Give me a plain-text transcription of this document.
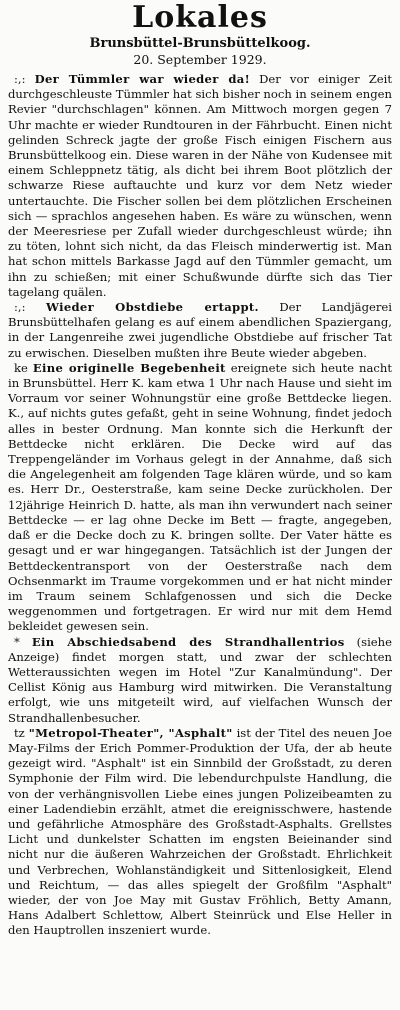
Lokales
Brunsbüttel-Brunsbüttelkoog.
20. September 1929.

:,: Der Tümmler war wieder da! Der vor einiger Zeit durchgeschleuste Tümmler hat sich bisher noch in seinem engen Revier "durchschlagen" können. Am Mittwoch morgen gegen 7 Uhr machte er wieder Rundtouren in der Fährbucht. Einen nicht gelinden Schreck jagte der große Fisch einigen Fischern aus Brunsbüttelkoog ein. Diese waren in der Nähe von Kudensee mit einem Schleppnetz tätig, als dicht bei ihrem Boot plötzlich der schwarze Riese auftauchte und kurz vor dem Netz wieder untertauchte. Die Fischer sollen bei dem plötzlichen Erscheinen sich — sprachlos angesehen haben. Es wäre zu wünschen, wenn der Meeresriese per Zufall wieder durchgeschleust würde; ihn zu töten, lohnt sich nicht, da das Fleisch minderwertig ist. Man hat schon mittels Barkasse Jagd auf den Tümmler gemacht, um ihn zu schießen; mit einer Schußwunde dürfte sich das Tier tagelang quälen.

:,: Wieder Obstdiebe ertappt. Der Landjägerei Brunsbüttelhafen gelang es auf einem abendlichen Spaziergang, in der Langenreihe zwei jugendliche Obstdiebe auf frischer Tat zu erwischen. Dieselben mußten ihre Beute wieder abgeben.

ke Eine originelle Begebenheit ereignete sich heute nacht in Brunsbüttel. Herr K. kam etwa 1 Uhr nach Hause und sieht im Vorraum vor seiner Wohnungstür eine große Bettdecke liegen. K., auf nichts gutes gefaßt, geht in seine Wohnung, findet jedoch alles in bester Ordnung. Man konnte sich die Herkunft der Bettdecke nicht erklären. Die Decke wird auf das Treppengeländer im Vorhaus gelegt in der Annahme, daß sich die Angelegenheit am folgenden Tage klären würde, und so kam es. Herr Dr., Oesterstraße, kam seine Decke zurückholen. Der 12jährige Heinrich D. hatte, als man ihn verwundert nach seiner Bettdecke — er lag ohne Decke im Bett — fragte, angegeben, daß er die Decke doch zu K. bringen sollte. Der Vater hätte es gesagt und er war hingegangen. Tatsächlich ist der Jungen der Bettdeckentransport von der Oesterstraße nach dem Ochsenmarkt im Traume vorgekommen und er hat nicht minder im Traum seinem Schlafgenossen und sich die Decke weggenommen und fortgetragen. Er wird nur mit dem Hemd bekleidet gewesen sein.

* Ein Abschiedsabend des Strandhallentrios (siehe Anzeige) findet morgen statt, und zwar der schlechten Wetteraussichten wegen im Hotel "Zur Kanalmündung". Der Cellist König aus Hamburg wird mitwirken. Die Veranstaltung erfolgt, wie uns mitgeteilt wird, auf vielfachen Wunsch der Strandhallenbesucher.

tz "Metropol-Theater", "Asphalt" ist der Titel des neuen Joe May-Films der Erich Pommer-Produktion der Ufa, der ab heute gezeigt wird. "Asphalt" ist ein Sinnbild der Großstadt, zu deren Symphonie der Film wird. Die lebendurchpulste Handlung, die von der verhängnisvollen Liebe eines jungen Polizeibeamten zu einer Ladendiebin erzählt, atmet die ereignisschwere, hastende und gefährliche Atmosphäre des Großstadt-Asphalts. Grellstes Licht und dunkelster Schatten im engsten Beieinander sind nicht nur die äußeren Wahrzeichen der Großstadt. Ehrlichkeit und Verbrechen, Wohlanständigkeit und Sittenlosigkeit, Elend und Reichtum, — das alles spiegelt der Großfilm "Asphalt" wieder, der von Joe May mit Gustav Fröhlich, Betty Amann, Hans Adalbert Schlettow, Albert Steinrück und Else Heller in den Hauptrollen inszeniert wurde.
